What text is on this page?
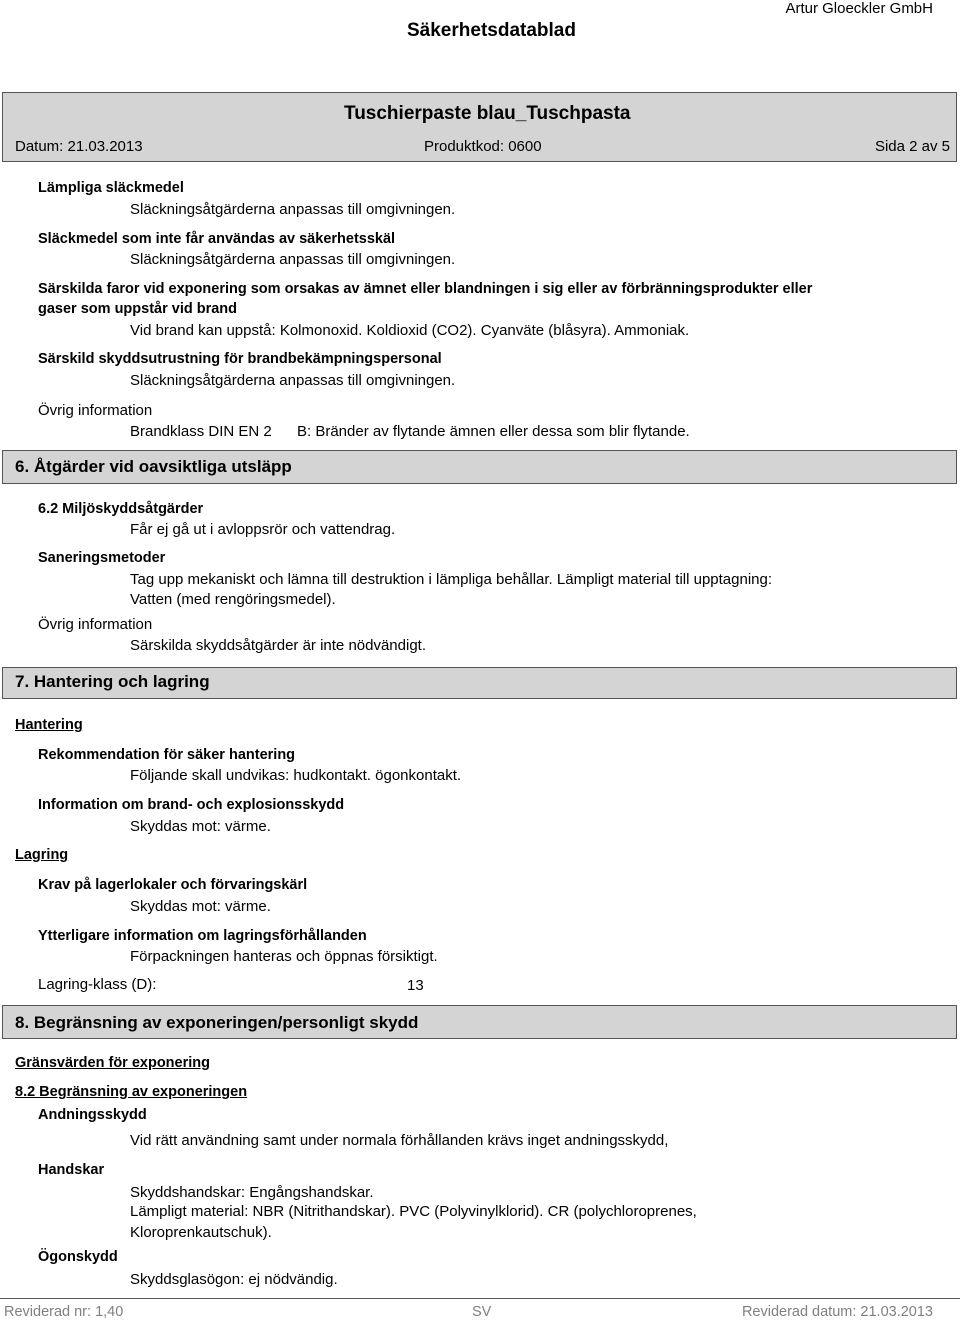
Säkerhetsdatablad
Artur Gloeckler GmbH
Tuschierpaste blau_Tuschpasta
Datum: 21.03.2013	Produktkod: 0600	Sida 2 av 5
Lämpliga släckmedel
Släckningsåtgärderna anpassas till omgivningen.
Släckmedel som inte får användas av säkerhetsskäl
Släckningsåtgärderna anpassas till omgivningen.
Särskilda faror vid exponering som orsakas av ämnet eller blandningen i sig eller av förbränningsprodukter eller
gaser som uppstår vid brand
Vid brand kan uppstå: Kolmonoxid. Koldioxid (CO2). Cyanväte (blåsyra). Ammoniak.
Särskild skyddsutrustning för brandbekämpningspersonal
Släckningsåtgärderna anpassas till omgivningen.
Övrig information
Brandklass DIN EN 2 B: Bränder av flytande ämnen eller dessa som blir flytande.
6. Åtgärder vid oavsiktliga utsläpp
6.2 Miljöskyddsåtgärder
Får ej gå ut i avloppsrör och vattendrag.
Saneringsmetoder
Tag upp mekaniskt och lämna till destruktion i lämpliga behållar. Lämpligt material till upptagning:
Vatten (med rengöringsmedel).
Övrig information
Särskilda skyddsåtgärder är inte nödvändigt.
7. Hantering och lagring
Hantering
Rekommendation för säker hantering
Följande skall undvikas: hudkontakt. ögonkontakt.
Information om brand- och explosionsskydd
Skyddas mot: värme.
Lagring
Krav på lagerlokaler och förvaringskärl
Skyddas mot: värme.
Ytterligare information om lagringsförhållanden
Förpackningen hanteras och öppnas försiktigt.
Lagring-klass (D):	13
8. Begränsning av exponeringen/personligt skydd
Gränsvärden för exponering
8.2 Begränsning av exponeringen
Andningsskydd
Vid rätt användning samt under normala förhållanden krävs inget andningsskydd,
Handskar
Skyddshandskar: Engångshandskar.
Lämpligt material: NBR (Nitrithandskar). PVC (Polyvinylklorid). CR (polychloroprenes,
Kloroprenkautschuk).
Ögonskydd
Skyddsglasögon: ej nödvändig.
Reviderad nr: 1,40	SV	Reviderad datum: 21.03.2013
